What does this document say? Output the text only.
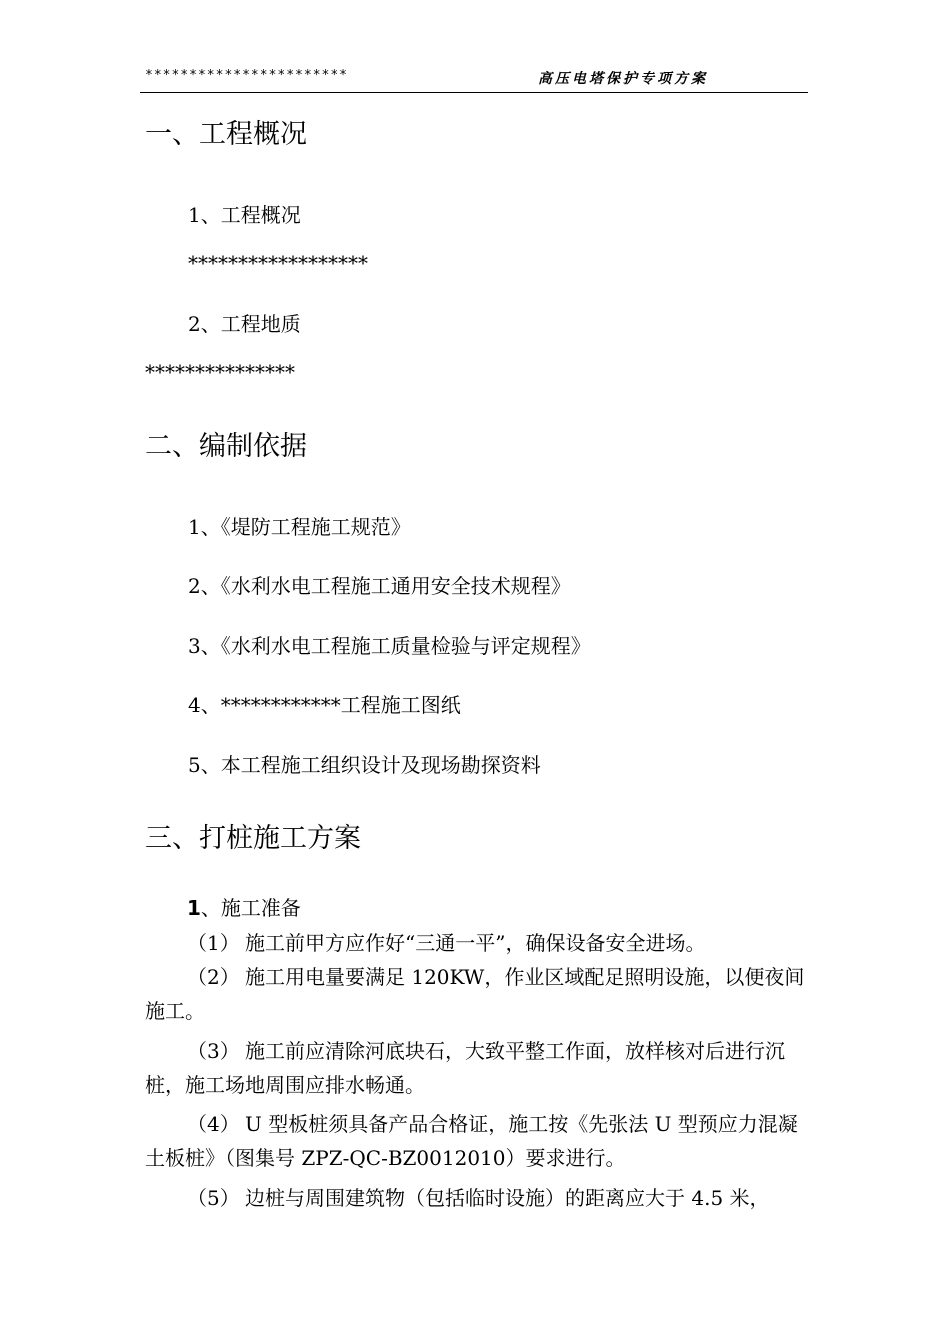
***********************	高压电塔保护专项方案
一、工程概况
1、工程概况
******************
2、工程地质
***************
二、编制依据
1、《堤防工程施工规范》
2、《水利水电工程施工通用安全技术规程》
3、《水利水电工程施工质量检验与评定规程》
4、************工程施工图纸
5、本工程施工组织设计及现场勘探资料
三、打桩施工方案
1、施工准备
（1） 施工前甲方应作好“三通一平”，确保设备安全进场。
（2） 施工用电量要满足 120KW，作业区域配足照明设施，以便夜间施工。
（3） 施工前应清除河底块石，大致平整工作面，放样核对后进行沉桩，施工场地周围应排水畅通。
（4） U 型板桩须具备产品合格证，施工按《先张法 U 型预应力混凝土板桩》（图集号 ZPZ-QC-BZ0012010）要求进行。
（5） 边桩与周围建筑物（包括临时设施）的距离应大于 4.5 米，
